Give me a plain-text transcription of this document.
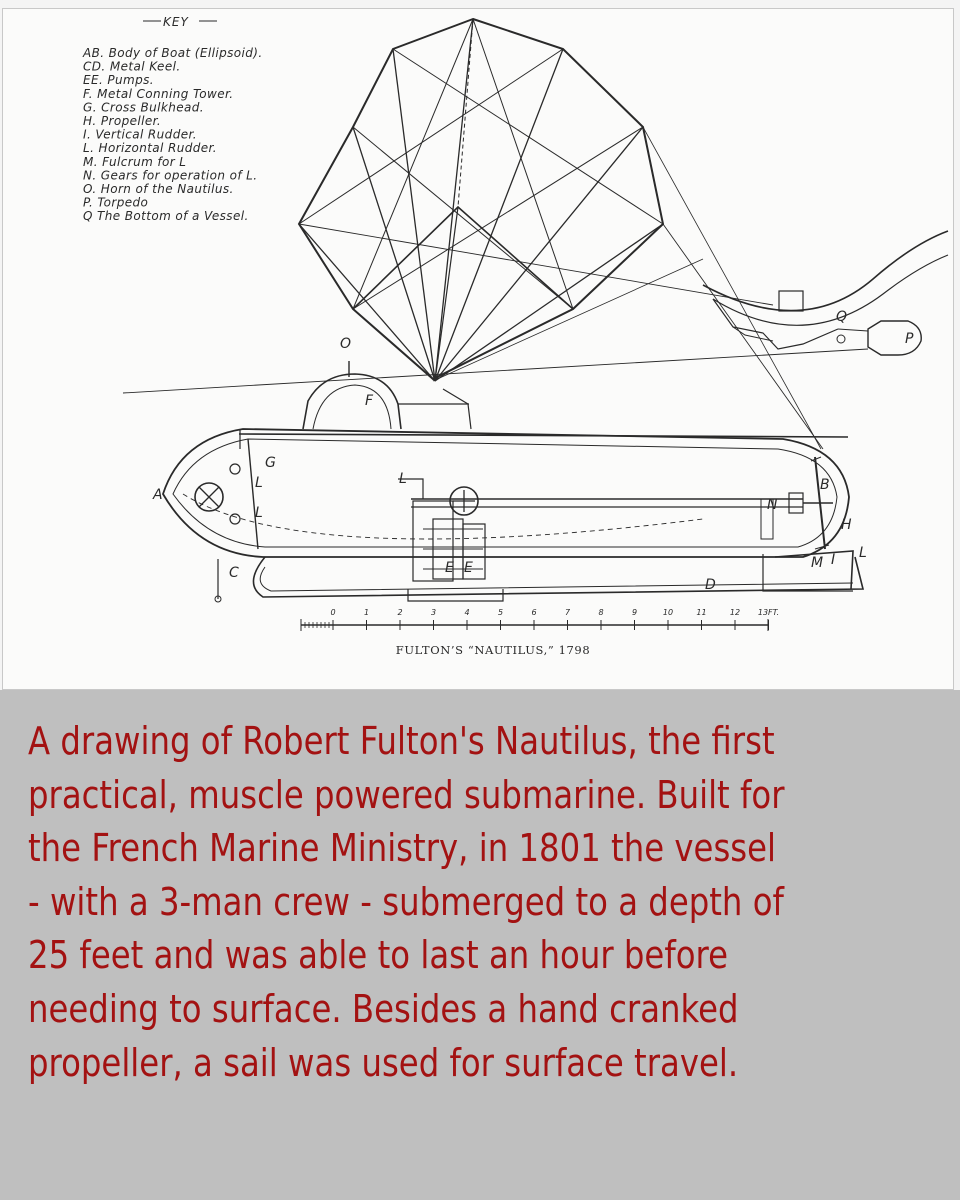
0	1	2	3	4	5	6	7	8	9	10	11	12 13FT.
KEY
AB. Body of Boat (Ellipsoid).
CD. Metal Keel.
EE. Pumps.
F. Metal Conning Tower.
G. Cross Bulkhead.
H. Propeller.
I. Vertical Rudder.
L. Horizontal Rudder.
M. Fulcrum for L
N. Gears for operation of L.
O. Horn of the Nautilus.
P. Torpedo
Q The Bottom of a Vessel.
A
B
C
D
E E
F
G
H
I
L
L
L
L
M
N
O	P
Q
FULTON’S “NAUTILUS,” 1798

A drawing of Robert Fulton's Nautilus, the first
practical, muscle powered submarine. Built for
the French Marine Ministry, in 1801 the vessel
- with a 3-man crew - submerged to a depth of
25 feet and was able to last an hour before
needing to surface. Besides a hand cranked
propeller, a sail was used for surface travel.
